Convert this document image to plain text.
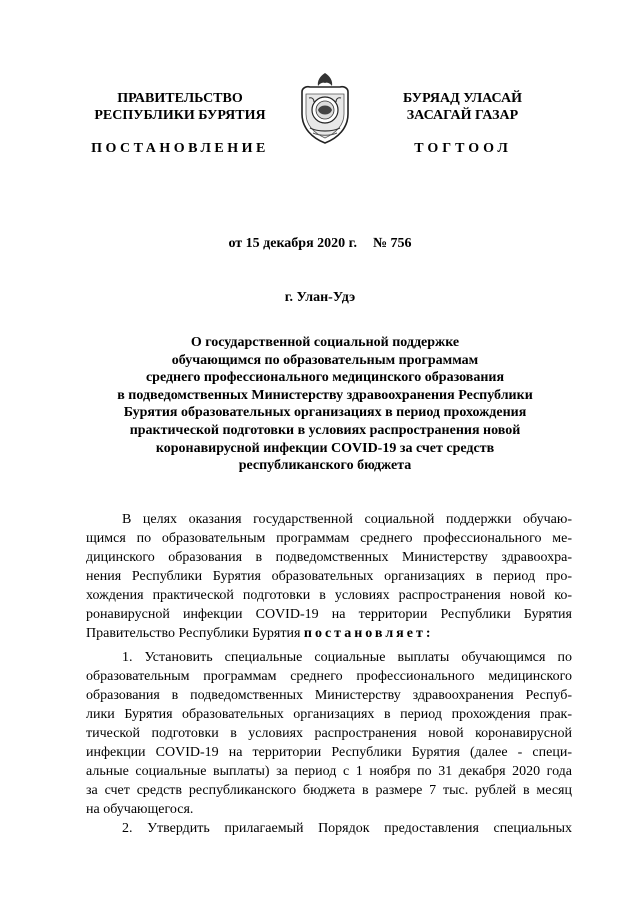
ПРАВИТЕЛЬСТВО
РЕСПУБЛИКИ БУРЯТИЯ
БУРЯАД УЛАСАЙ
ЗАСАГАЙ ГАЗАР
ПОСТАНОВЛЕНИЕ	ТОГТООЛ
от 15 декабря 2020 г. № 756
г. Улан-Удэ
О государственной социальной поддержке
обучающимся по образовательным программам
среднего профессионального медицинского образования
в подведомственных Министерству здравоохранения Республики
Бурятия образовательных организациях в период прохождения
практической подготовки в условиях распространения новой
коронавирусной инфекции COVID-19 за счет средств
республиканского бюджета
В целях оказания государственной социальной поддержки обучаю-
щимся по образовательным программам среднего профессионального ме-
дицинского образования в подведомственных Министерству здравоохра-
нения Республики Бурятия образовательных организациях в период про-
хождения практической подготовки в условиях распространения новой ко-
ронавирусной инфекции COVID-19 на территории Республики Бурятия
Правительство Республики Бурятия постановляет:
1. Установить специальные социальные выплаты обучающимся по
образовательным программам среднего профессионального медицинского
образования в подведомственных Министерству здравоохранения Респуб-
лики Бурятия образовательных организациях в период прохождения прак-
тической подготовки в условиях распространения новой коронавирусной
инфекции COVID-19 на территории Республики Бурятия (далее - специ-
альные социальные выплаты) за период с 1 ноября по 31 декабря 2020 года
за счет средств республиканского бюджета в размере 7 тыс. рублей в месяц
на обучающегося.
2. Утвердить прилагаемый Порядок предоставления специальных
